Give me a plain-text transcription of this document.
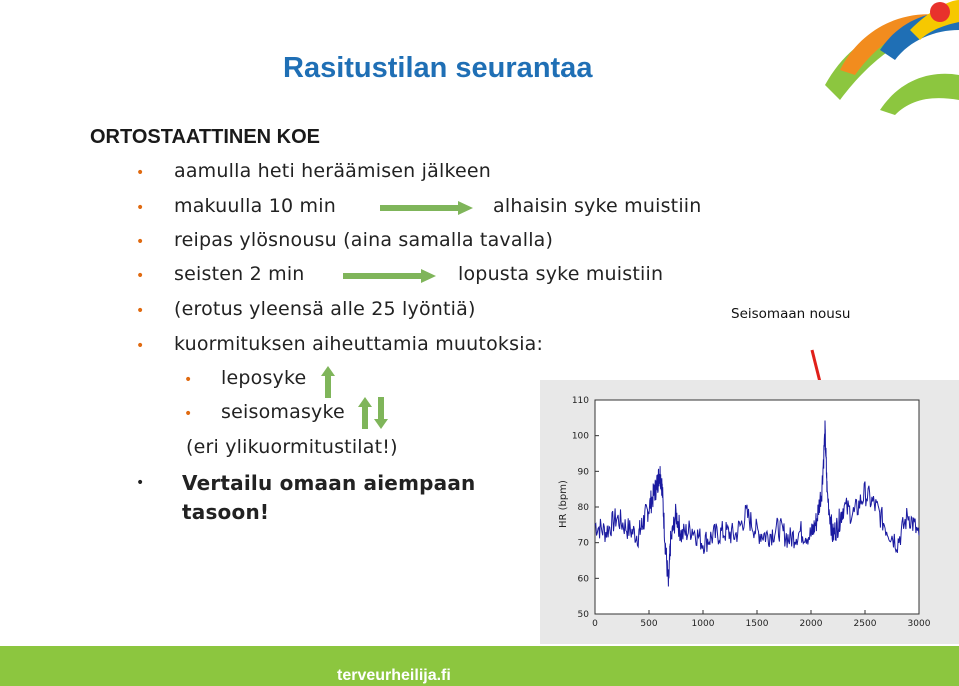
Rasitustilan seurantaa
ORTOSTAATTINEN KOE
• aamulla heti heräämisen jälkeen
• makuulla 10 min	alhaisin syke muistiin
• reipas ylösnousu (aina samalla tavalla)
• seisten 2 min	lopusta syke muistiin
• (erotus yleensä alle 25 lyöntiä)
• kuormituksen aiheuttamia muutoksia:
• leposyke
• seisomasyke
(eri ylikuormitustilat!)
• Vertailu omaan aiempaan
tasoon!
Seisomaan nousu
50
60
70
80
90
100
110
0	500	1000	1500	2000	2500	3000
HR (bpm)
terveurheilija.fi
